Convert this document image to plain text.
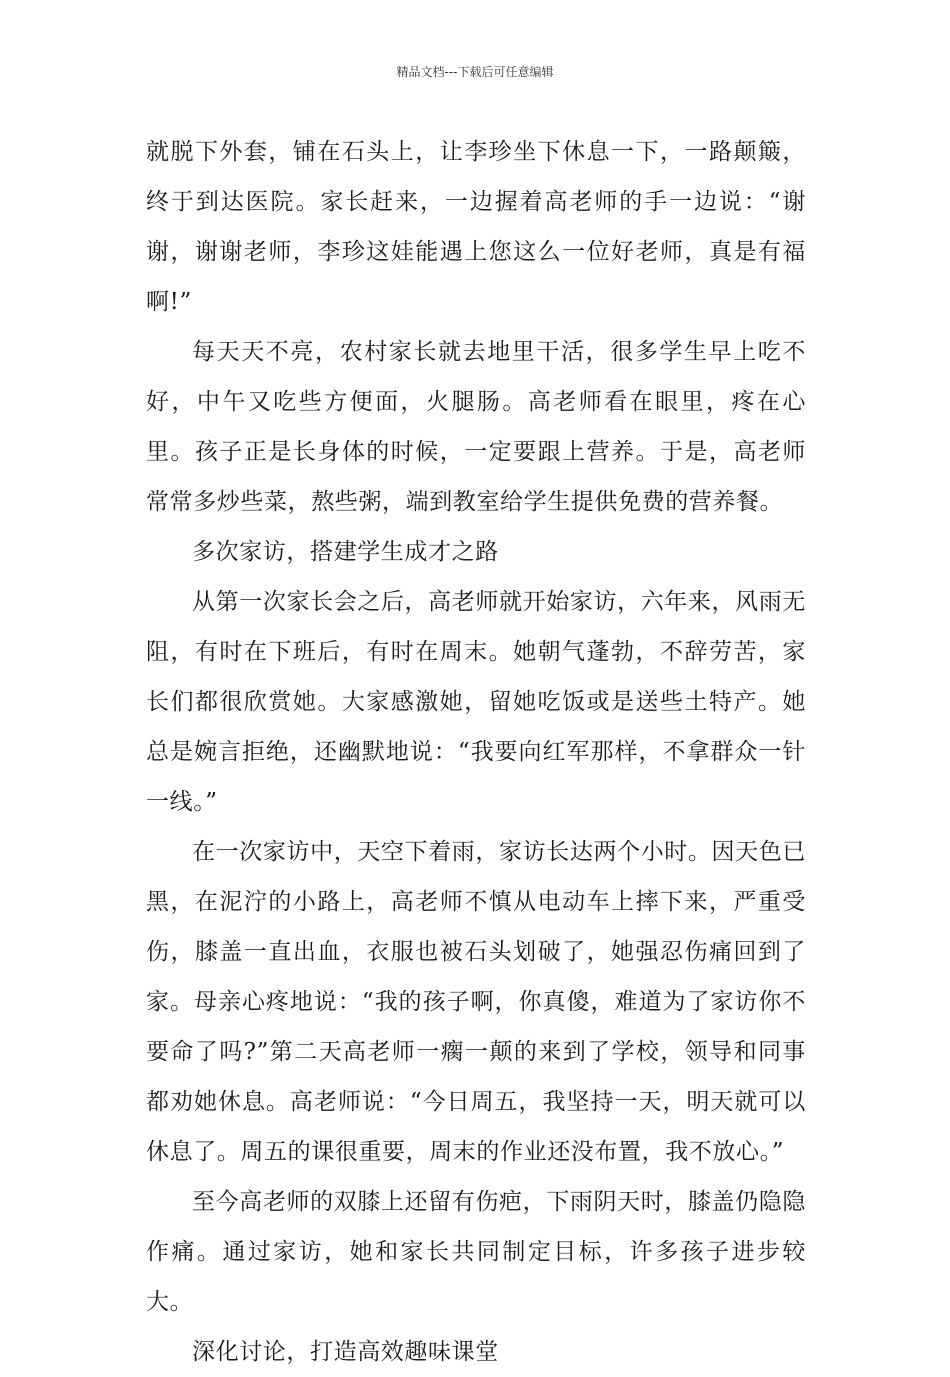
精品文档---下载后可任意编辑

就脱下外套，铺在石头上，让李珍坐下休息一下，一路颠簸，终于到达医院。家长赶来，一边握着高老师的手一边说：“谢谢，谢谢老师，李珍这娃能遇上您这么一位好老师，真是有福啊!”

每天天不亮，农村家长就去地里干活，很多学生早上吃不好，中午又吃些方便面，火腿肠。高老师看在眼里，疼在心里。孩子正是长身体的时候，一定要跟上营养。于是，高老师常常多炒些菜，熬些粥，端到教室给学生提供免费的营养餐。

多次家访，搭建学生成才之路

从第一次家长会之后，高老师就开始家访，六年来，风雨无阻，有时在下班后，有时在周末。她朝气蓬勃，不辞劳苦，家长们都很欣赏她。大家感激她，留她吃饭或是送些土特产。她总是婉言拒绝，还幽默地说：“我要向红军那样，不拿群众一针一线。”

在一次家访中，天空下着雨，家访长达两个小时。因天色已黑，在泥泞的小路上，高老师不慎从电动车上摔下来，严重受伤，膝盖一直出血，衣服也被石头划破了，她强忍伤痛回到了家。母亲心疼地说：“我的孩子啊，你真傻，难道为了家访你不要命了吗?”第二天高老师一瘸一颠的来到了学校，领导和同事都劝她休息。高老师说：“今日周五，我坚持一天，明天就可以休息了。周五的课很重要，周末的作业还没布置，我不放心。”

至今高老师的双膝上还留有伤疤，下雨阴天时，膝盖仍隐隐作痛。通过家访，她和家长共同制定目标，许多孩子进步较大。

深化讨论，打造高效趣味课堂
